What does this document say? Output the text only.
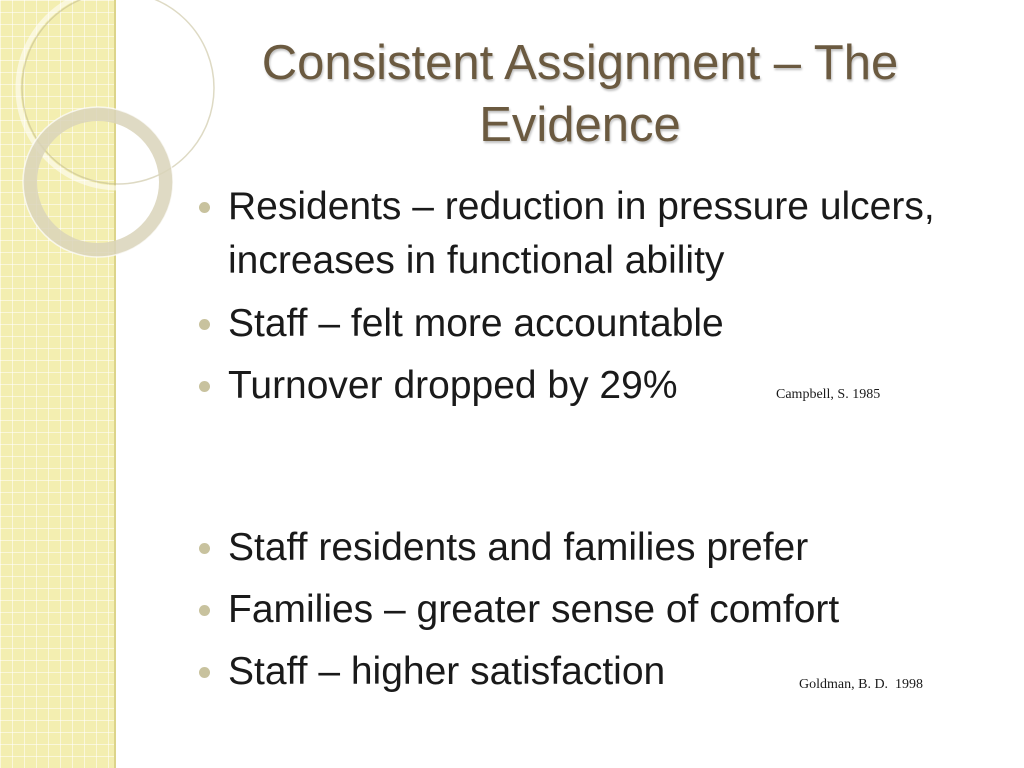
Consistent Assignment – The Evidence
Residents – reduction in pressure ulcers, increases in functional ability
Staff – felt more accountable
Turnover dropped by 29%
Staff residents and families prefer
Families – greater sense of comfort
Staff – higher satisfaction
Campbell, S. 1985
Goldman, B. D.  1998
